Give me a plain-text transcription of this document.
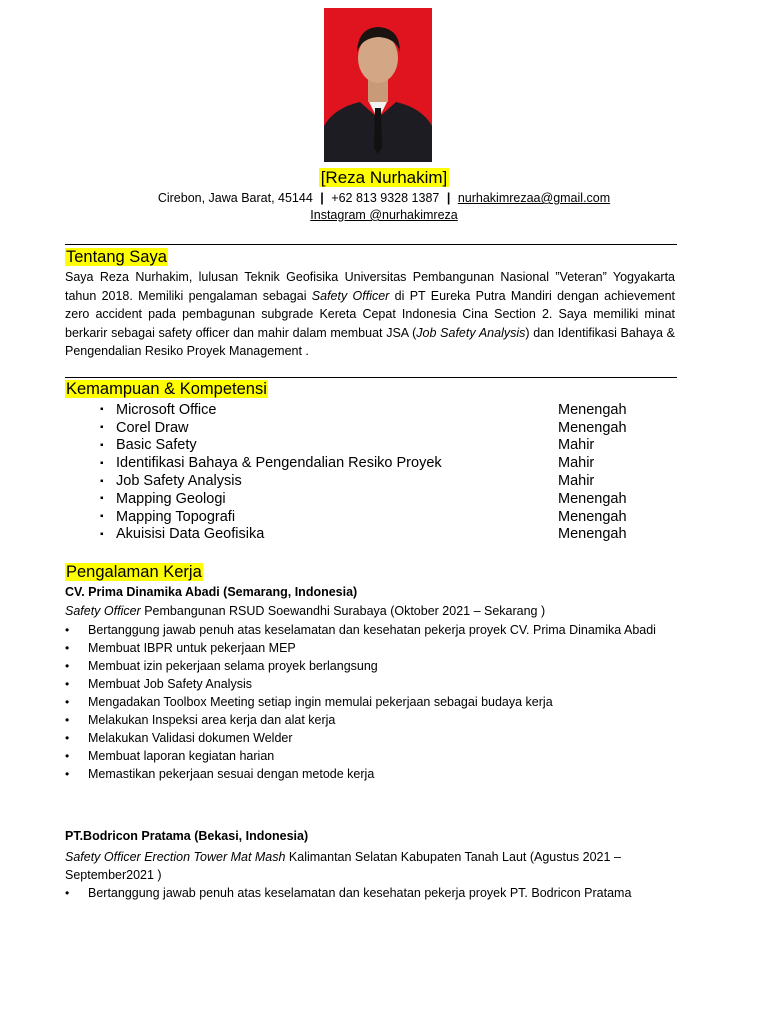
[Reza Nurhakim]
Cirebon, Jawa Barat, 45144 | +62 813 9328 1387 | nurhakimrezaa@gmail.com
Instagram @nurhakimreza
Tentang Saya
Saya Reza Nurhakim, lulusan Teknik Geofisika Universitas Pembangunan Nasional ”Veteran” Yogyakarta tahun 2018. Memiliki pengalaman sebagai Safety Officer di PT Eureka Putra Mandiri dengan achievement zero accident pada pembagunan subgrade Kereta Cepat Indonesia Cina Section 2. Saya memiliki minat berkarir sebagai safety officer dan mahir dalam membuat JSA (Job Safety Analysis) dan Identifikasi Bahaya & Pengendalian Resiko Proyek Management .
Kemampuan & Kompetensi
▪ Microsoft Office	Menengah
▪ Corel Draw	Menengah
▪ Basic Safety	Mahir
▪ Identifikasi Bahaya & Pengendalian Resiko Proyek	Mahir
▪ Job Safety Analysis	Mahir
▪ Mapping Geologi	Menengah
▪ Mapping Topografi	Menengah
▪ Akuisisi Data Geofisika	Menengah
Pengalaman Kerja
CV. Prima Dinamika Abadi (Semarang, Indonesia)
Safety Officer Pembangunan RSUD Soewandhi Surabaya (Oktober 2021 – Sekarang )
•	Bertanggung jawab penuh atas keselamatan dan kesehatan pekerja proyek CV. Prima Dinamika Abadi
•	Membuat IBPR untuk pekerjaan MEP
•	Membuat izin pekerjaan selama proyek berlangsung
•	Membuat Job Safety Analysis
•	Mengadakan Toolbox Meeting setiap ingin memulai pekerjaan sebagai budaya kerja
•	Melakukan Inspeksi area kerja dan alat kerja
•	Melakukan Validasi dokumen Welder
•	Membuat laporan kegiatan harian
•	Memastikan pekerjaan sesuai dengan metode kerja
PT.Bodricon Pratama (Bekasi, Indonesia)
Safety Officer Erection Tower Mat Mash Kalimantan Selatan Kabupaten Tanah Laut (Agustus 2021 – September2021 )
•	Bertanggung jawab penuh atas keselamatan dan kesehatan pekerja proyek PT. Bodricon Pratama
